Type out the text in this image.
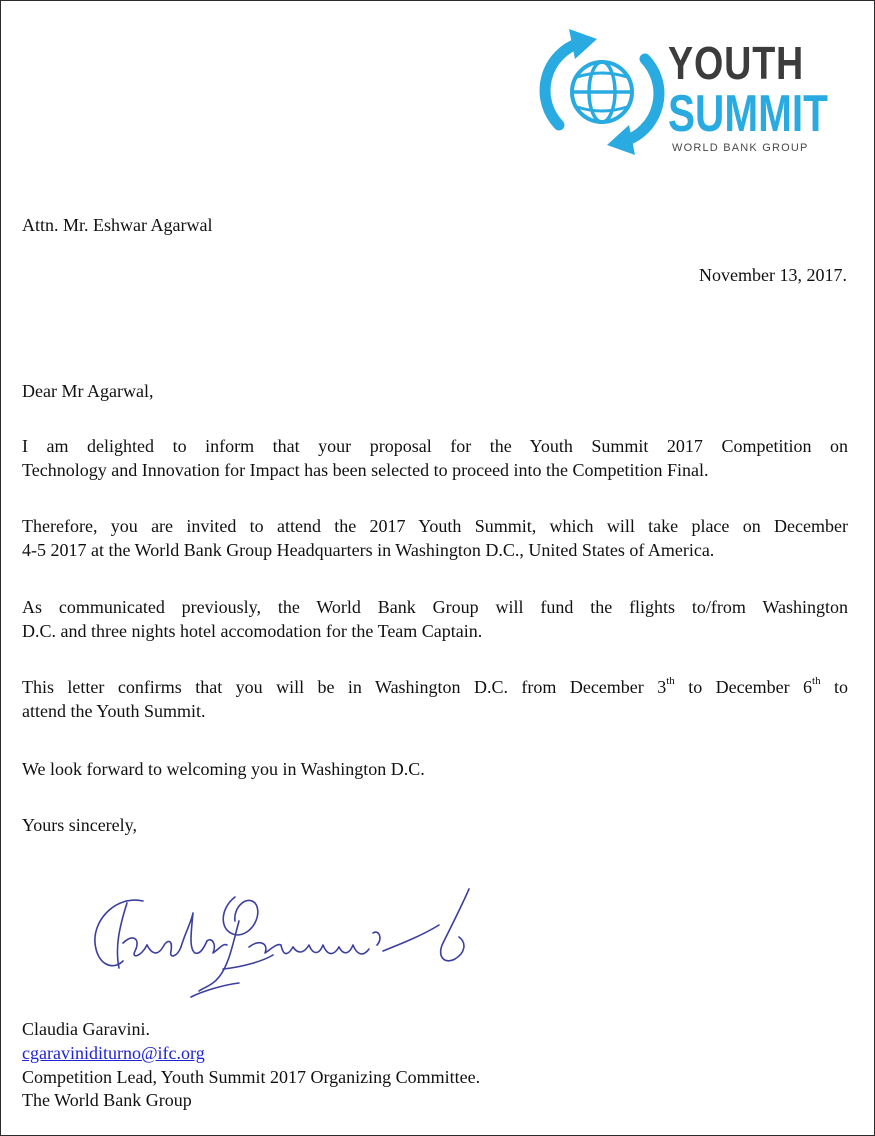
YOUTH
SUMMIT
WORLD BANK GROUP
Attn. Mr. Eshwar Agarwal
November 13, 2017.
Dear Mr Agarwal,
I am delighted to inform that your proposal for the Youth Summit 2017 Competition on
Technology and Innovation for Impact has been selected to proceed into the Competition Final.
Therefore, you are invited to attend the 2017 Youth Summit, which will take place on December
4-5 2017 at the World Bank Group Headquarters in Washington D.C., United States of America.
As communicated previously, the World Bank Group will fund the flights to/from Washington
D.C. and three nights hotel accomodation for the Team Captain.
This letter confirms that you will be in Washington D.C. from December 3th to December 6th to
attend the Youth Summit.
We look forward to welcoming you in Washington D.C.
Yours sincerely,
Claudia Garavini.
cgaraviniditurno@ifc.org
Competition Lead, Youth Summit 2017 Organizing Committee.
The World Bank Group
